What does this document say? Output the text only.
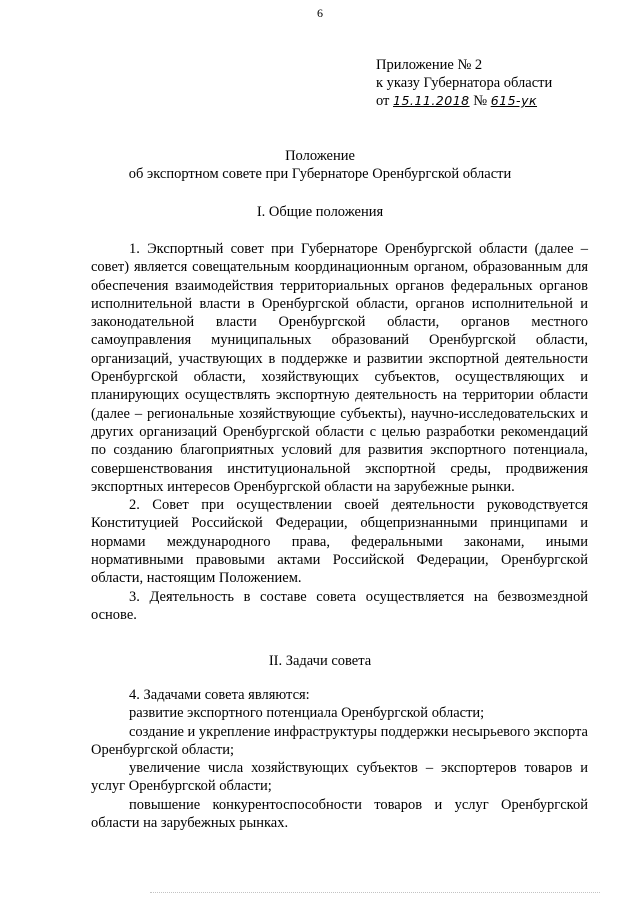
6
Приложение № 2
к указу Губернатора области
от 15.11.2018 № 615-ук
Положение
об экспортном совете при Губернаторе Оренбургской области
I. Общие положения

1. Экспортный совет при Губернаторе Оренбургской области (далее – совет) является совещательным координационным органом, образованным для обеспечения взаимодействия территориальных органов федеральных органов исполнительной власти в Оренбургской области, органов исполнительной и законодательной власти Оренбургской области, органов местного самоуправления муниципальных образований Оренбургской области, организаций, участвующих в поддержке и развитии экспортной деятельности Оренбургской области, хозяйствующих субъектов, осуществляющих и планирующих осуществлять экспортную деятельность на территории области (далее – региональные хозяйствующие субъекты), научно-исследовательских и других организаций Оренбургской области с целью разработки рекомендаций по созданию благоприятных условий для развития экспортного потенциала, совершенствования институциональной экспортной среды, продвижения экспортных интересов Оренбургской области на зарубежные рынки.

2. Совет при осуществлении своей деятельности руководствуется Конституцией Российской Федерации, общепризнанными принципами и нормами международного права, федеральными законами, иными нормативными правовыми актами Российской Федерации, Оренбургской области, настоящим Положением.

3. Деятельность в составе совета осуществляется на безвозмездной основе.

II. Задачи совета

4. Задачами совета являются:

развитие экспортного потенциала Оренбургской области;

создание и укрепление инфраструктуры поддержки несырьевого экспорта Оренбургской области;

увеличение числа хозяйствующих субъектов – экспортеров товаров и услуг Оренбургской области;

повышение конкурентоспособности товаров и услуг Оренбургской области на зарубежных рынках.
